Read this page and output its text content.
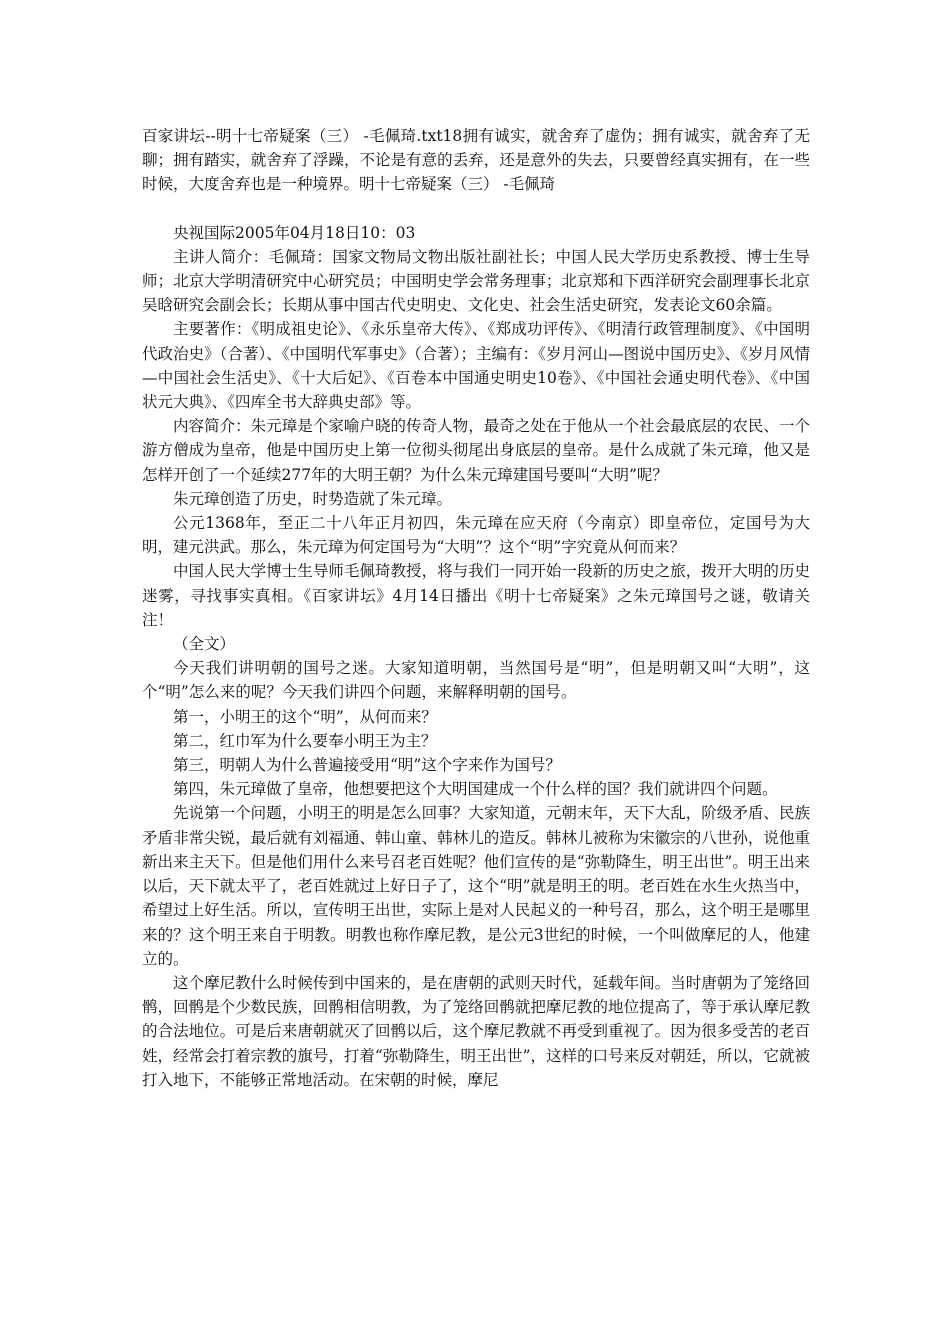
百家讲坛--明十七帝疑案（三） -毛佩琦.txt18拥有诚实，就舍弃了虚伪；拥有诚实，就舍弃了无聊；拥有踏实，就舍弃了浮躁，不论是有意的丢弃，还是意外的失去，只要曾经真实拥有，在一些时候，大度舍弃也是一种境界。明十七帝疑案（三） -毛佩琦

央视国际2005年04月18日10：03

主讲人简介：毛佩琦：国家文物局文物出版社副社长；中国人民大学历史系教授、博士生导师；北京大学明清研究中心研究员；中国明史学会常务理事；北京郑和下西洋研究会副理事长北京吴晗研究会副会长；长期从事中国古代史明史、文化史、社会生活史研究，发表论文60余篇。

主要著作：《明成祖史论》、《永乐皇帝大传》、《郑成功评传》、《明清行政管理制度》、《中国明代政治史》（合著）、《中国明代军事史》（合著）；主编有：《岁月河山—图说中国历史》、《岁月风情—中国社会生活史》、《十大后妃》、《百卷本中国通史明史10卷》、《中国社会通史明代卷》、《中国状元大典》、《四库全书大辞典史部》等。

内容简介：朱元璋是个家喻户晓的传奇人物，最奇之处在于他从一个社会最底层的农民、一个游方僧成为皇帝，他是中国历史上第一位彻头彻尾出身底层的皇帝。是什么成就了朱元璋，他又是怎样开创了一个延续277年的大明王朝？为什么朱元璋建国号要叫“大明”呢？

朱元璋创造了历史，时势造就了朱元璋。

公元1368年，至正二十八年正月初四，朱元璋在应天府（今南京）即皇帝位，定国号为大明，建元洪武。那么，朱元璋为何定国号为“大明”？这个“明”字究竟从何而来？

中国人民大学博士生导师毛佩琦教授，将与我们一同开始一段新的历史之旅，拨开大明的历史迷雾，寻找事实真相。《百家讲坛》4月14日播出《明十七帝疑案》之朱元璋国号之谜，敬请关注！

（全文）

今天我们讲明朝的国号之迷。大家知道明朝，当然国号是“明”，但是明朝又叫“大明”，这个“明”怎么来的呢？今天我们讲四个问题，来解释明朝的国号。

第一，小明王的这个“明”，从何而来？

第二，红巾军为什么要奉小明王为主？

第三，明朝人为什么普遍接受用“明”这个字来作为国号？

第四，朱元璋做了皇帝，他想要把这个大明国建成一个什么样的国？我们就讲四个问题。

先说第一个问题，小明王的明是怎么回事？大家知道，元朝末年，天下大乱，阶级矛盾、民族矛盾非常尖锐，最后就有刘福通、韩山童、韩林儿的造反。韩林儿被称为宋徽宗的八世孙，说他重新出来主天下。但是他们用什么来号召老百姓呢？他们宣传的是“弥勒降生，明王出世”。明王出来以后，天下就太平了，老百姓就过上好日子了，这个“明”就是明王的明。老百姓在水生火热当中，希望过上好生活。所以，宣传明王出世，实际上是对人民起义的一种号召，那么，这个明王是哪里来的？这个明王来自于明教。明教也称作摩尼教，是公元3世纪的时候，一个叫做摩尼的人，他建立的。

这个摩尼教什么时候传到中国来的，是在唐朝的武则天时代，延载年间。当时唐朝为了笼络回鹘，回鹘是个少数民族，回鹘相信明教，为了笼络回鹘就把摩尼教的地位提高了，等于承认摩尼教的合法地位。可是后来唐朝就灭了回鹘以后，这个摩尼教就不再受到重视了。因为很多受苦的老百姓，经常会打着宗教的旗号，打着“弥勒降生，明王出世”，这样的口号来反对朝廷，所以，它就被打入地下，不能够正常地活动。在宋朝的时候，摩尼
